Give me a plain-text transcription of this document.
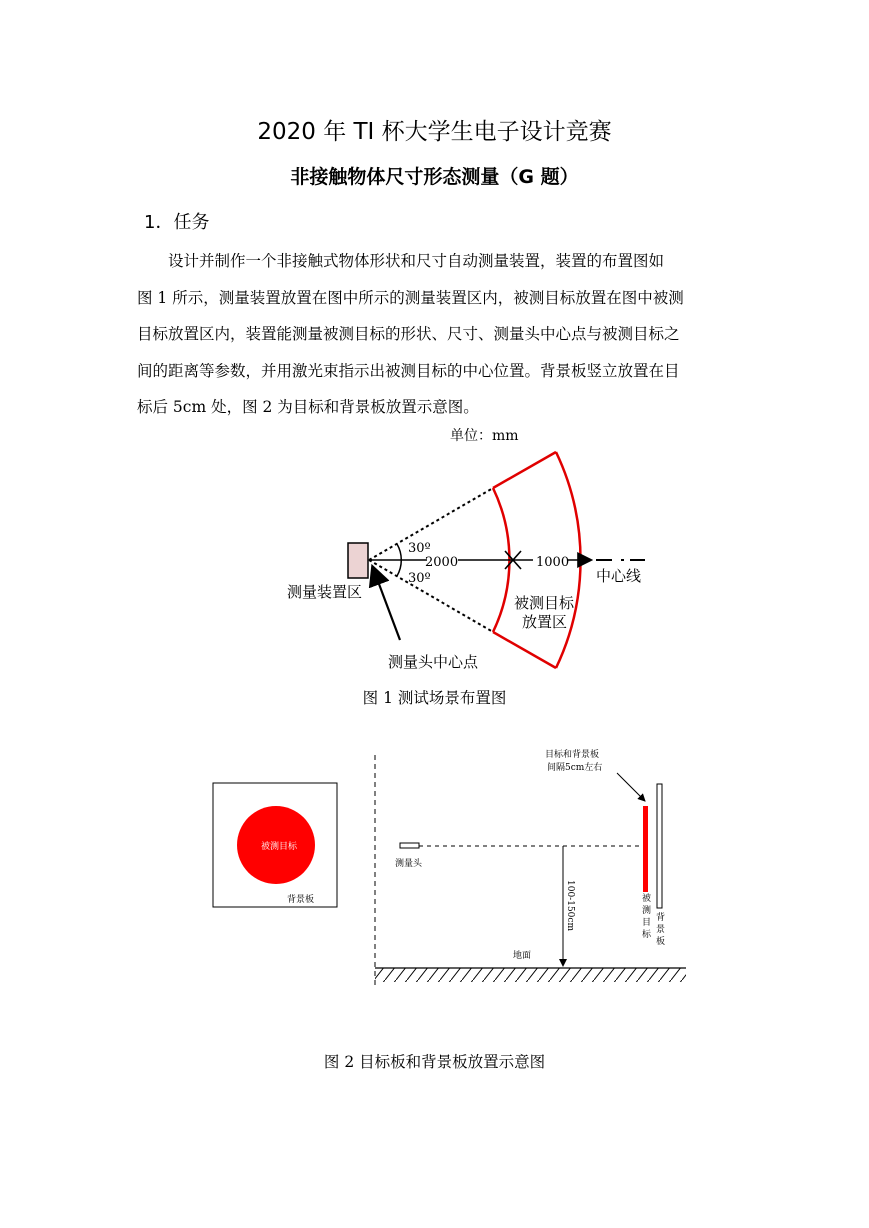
2020 年 TI 杯大学生电子设计竞赛
非接触物体尺寸形态测量（G 题）
1．任务
设计并制作一个非接触式物体形状和尺寸自动测量装置，装置的布置图如
图 1 所示，测量装置放置在图中所示的测量装置区内，被测目标放置在图中被测
目标放置区内，装置能测量被测目标的形状、尺寸、测量头中心点与被测目标之
间的距离等参数，并用激光束指示出被测目标的中心位置。背景板竖立放置在目
标后 5cm 处，图 2 为目标和背景板放置示意图。
单位：mm
30º
30º
2000	1000
中心线
测量装置区
被测目标
放置区
测量头中心点
图 1 测试场景布置图
被测目标
背景板
测量头
100-150cm
目标和背景板
间隔5cm左右
被
测
目
标
背
景
板
地面
图 2 目标板和背景板放置示意图
